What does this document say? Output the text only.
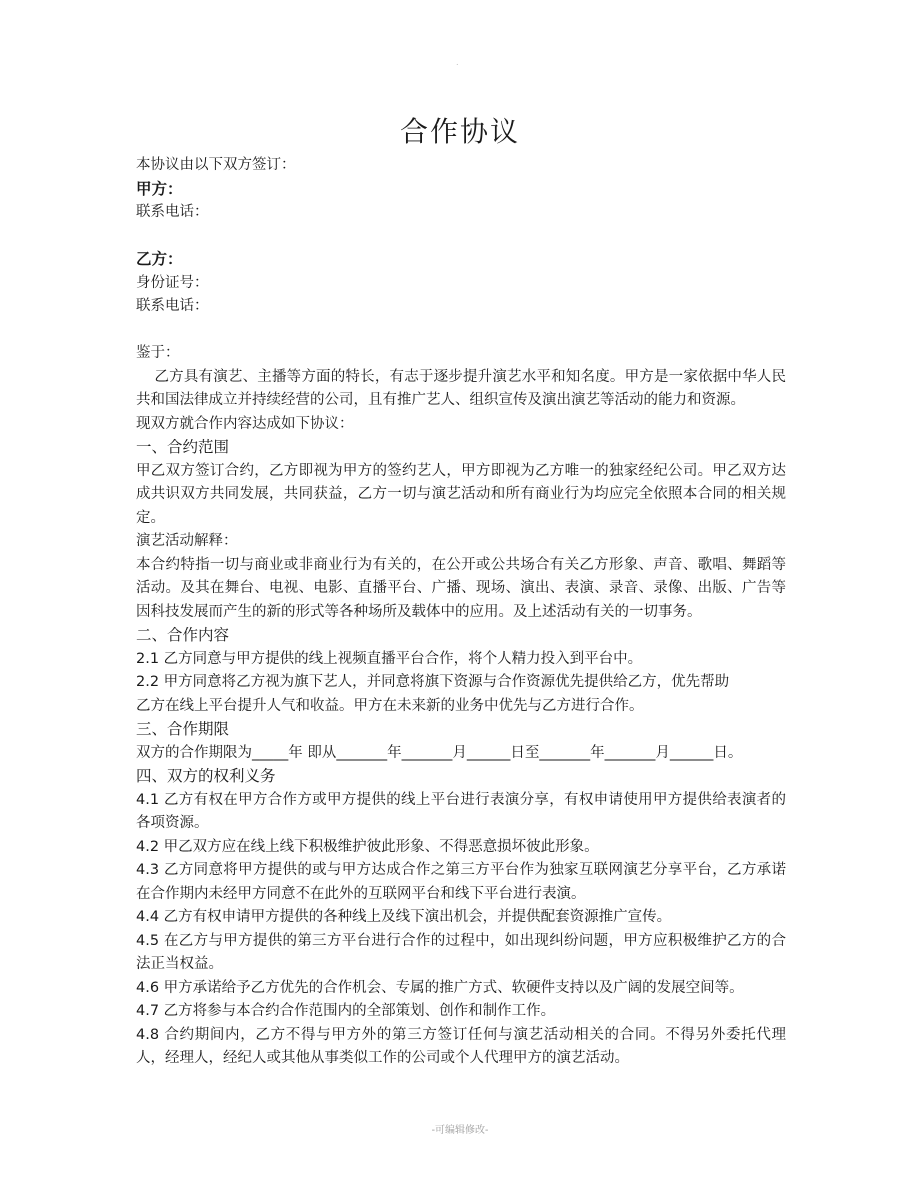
.
合作协议
本协议由以下双方签订：
甲方：
联系电话：
乙方：
身份证号：
联系电话：
鉴于：
乙方具有演艺、主播等方面的特长，有志于逐步提升演艺水平和知名度。甲方是一家依据中华人民共和国法律成立并持续经营的公司，且有推广艺人、组织宣传及演出演艺等活动的能力和资源。
现双方就合作内容达成如下协议：
一、合约范围
甲乙双方签订合约，乙方即视为甲方的签约艺人，甲方即视为乙方唯一的独家经纪公司。甲乙双方达成共识双方共同发展，共同获益，乙方一切与演艺活动和所有商业行为均应完全依照本合同的相关规定。
演艺活动解释：
本合约特指一切与商业或非商业行为有关的，在公开或公共场合有关乙方形象、声音、歌唱、舞蹈等活动。及其在舞台、电视、电影、直播平台、广播、现场、演出、表演、录音、录像、出版、广告等因科技发展而产生的新的形式等各种场所及载体中的应用。及上述活动有关的一切事务。
二、合作内容
2.1 乙方同意与甲方提供的线上视频直播平台合作，将个人精力投入到平台中。
2.2 甲方同意将乙方视为旗下艺人，并同意将旗下资源与合作资源优先提供给乙方，优先帮助
乙方在线上平台提升人气和收益。甲方在未来新的业务中优先与乙方进行合作。
三、合作期限
双方的合作期限为_____年 即从_______年_______月______日至_______年_______月______日。
四、双方的权利义务
4.1 乙方有权在甲方合作方或甲方提供的线上平台进行表演分享，有权申请使用甲方提供给表演者的各项资源。
4.2 甲乙双方应在线上线下积极维护彼此形象、不得恶意损坏彼此形象。
4.3 乙方同意将甲方提供的或与甲方达成合作之第三方平台作为独家互联网演艺分享平台，乙方承诺在合作期内未经甲方同意不在此外的互联网平台和线下平台进行表演。
4.4 乙方有权申请甲方提供的各种线上及线下演出机会，并提供配套资源推广宣传。
4.5 在乙方与甲方提供的第三方平台进行合作的过程中，如出现纠纷问题，甲方应积极维护乙方的合法正当权益。
4.6 甲方承诺给予乙方优先的合作机会、专属的推广方式、软硬件支持以及广阔的发展空间等。
4.7 乙方将参与本合约合作范围内的全部策划、创作和制作工作。
4.8 合约期间内，乙方不得与甲方外的第三方签订任何与演艺活动相关的合同。不得另外委托代理人，经理人，经纪人或其他从事类似工作的公司或个人代理甲方的演艺活动。
-可编辑修改-
